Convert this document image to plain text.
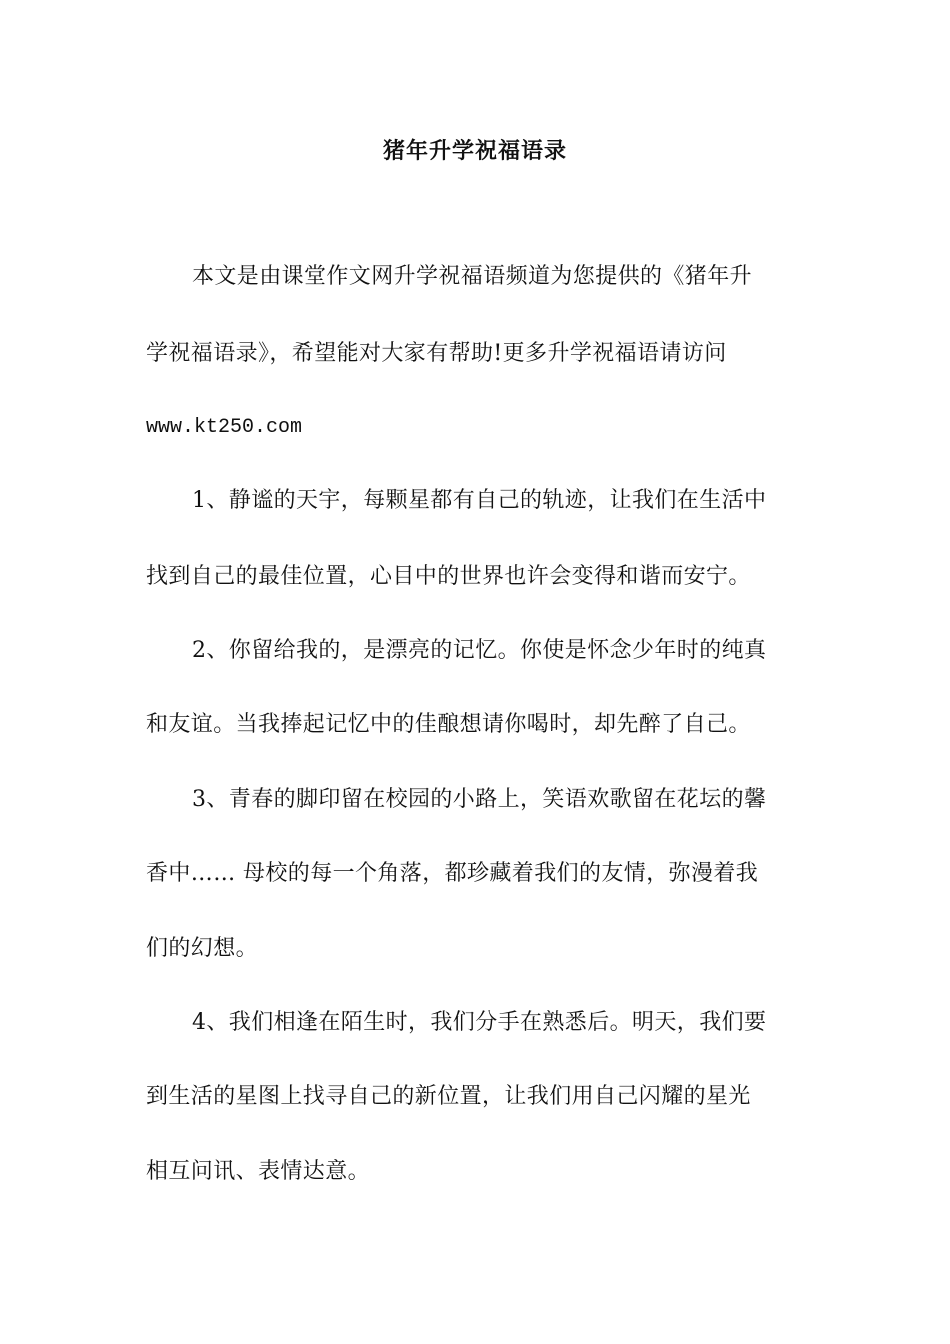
猪年升学祝福语录
本文是由课堂作文网升学祝福语频道为您提供的《猪年升
学祝福语录》，希望能对大家有帮助!更多升学祝福语请访问
www.kt250.com
1、静谧的天宇，每颗星都有自己的轨迹，让我们在生活中
找到自己的最佳位置，心目中的世界也许会变得和谐而安宁。
2、你留给我的，是漂亮的记忆。你使是怀念少年时的纯真
和友谊。当我捧起记忆中的佳酿想请你喝时，却先醉了自己。
3、青春的脚印留在校园的小路上，笑语欢歌留在花坛的馨
香中…… 母校的每一个角落，都珍藏着我们的友情，弥漫着我
们的幻想。
4、我们相逢在陌生时，我们分手在熟悉后。明天，我们要
到生活的星图上找寻自己的新位置，让我们用自己闪耀的星光
相互问讯、表情达意。
